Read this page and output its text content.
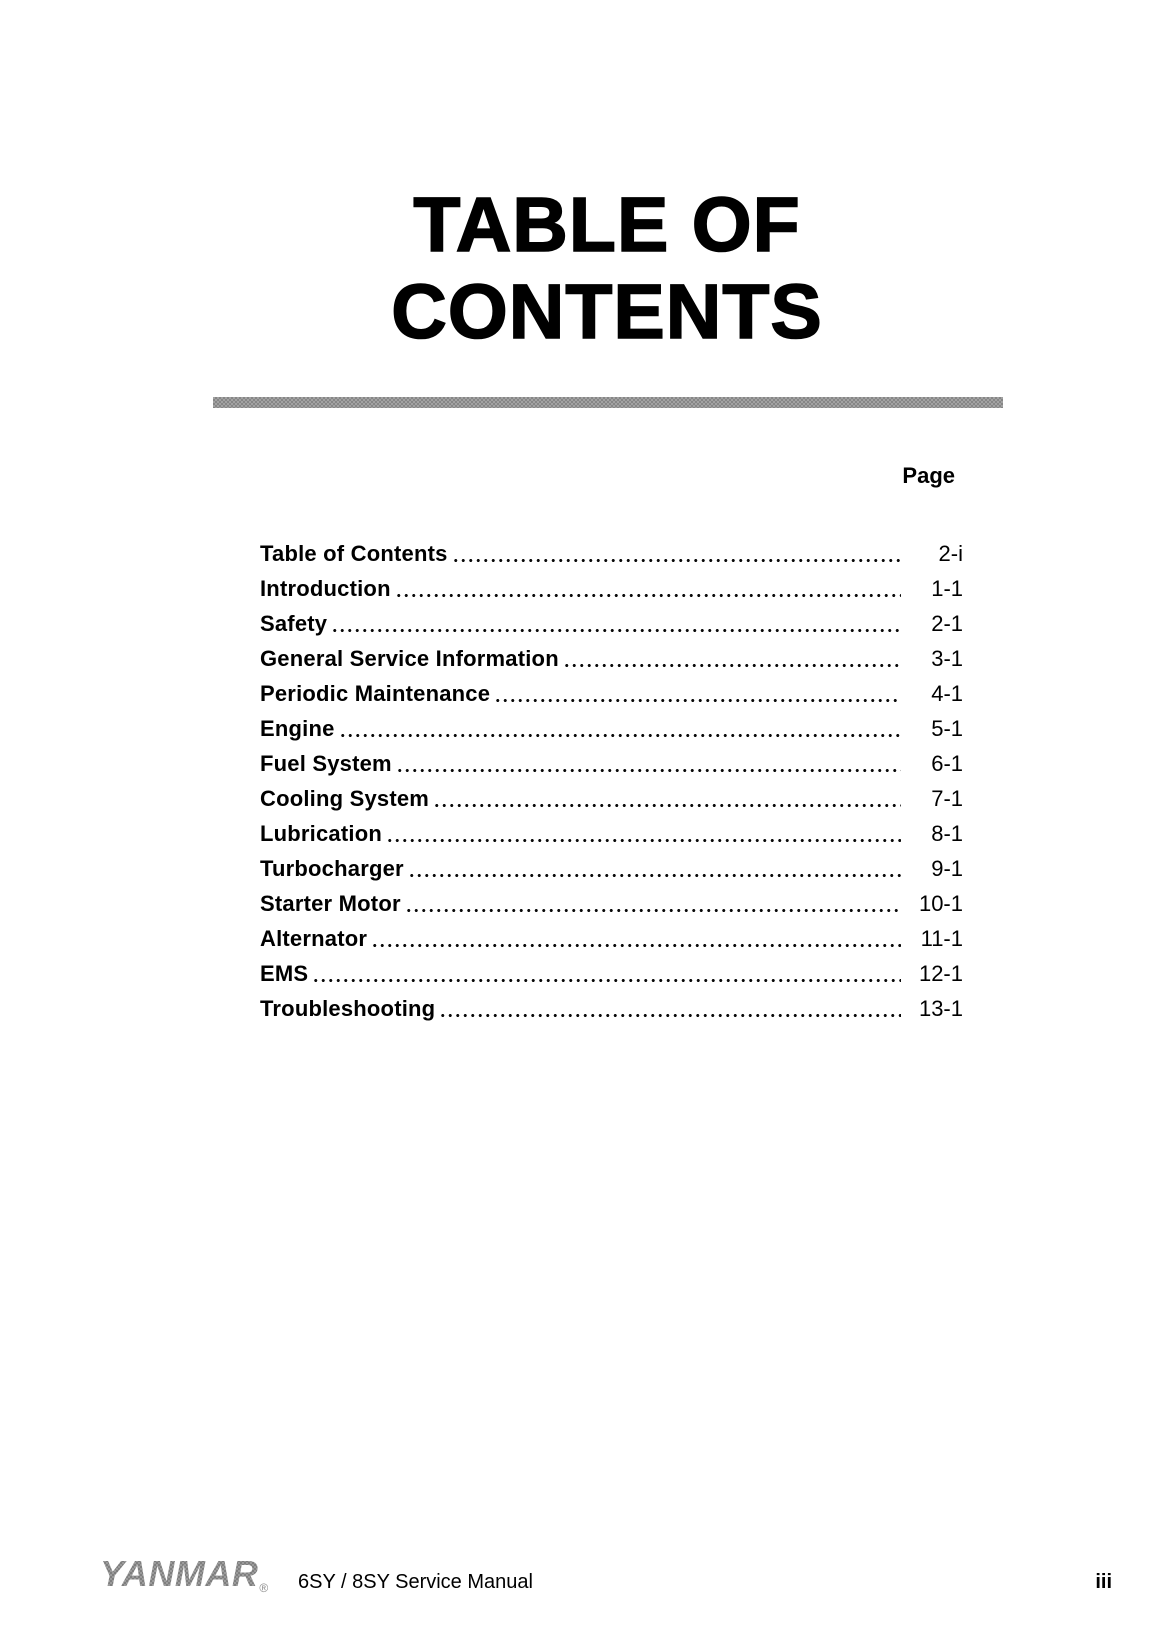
TABLE OF
CONTENTS
Page
Table of Contents	2-i
Introduction	1-1
Safety	2-1
General Service Information	3-1
Periodic Maintenance	4-1
Engine	5-1
Fuel System	6-1
Cooling System	7-1
Lubrication	8-1
Turbocharger	9-1
Starter Motor	10-1
Alternator	11-1
EMS	12-1
Troubleshooting	13-1
YANMAR® 6SY / 8SY Service Manual	iii
